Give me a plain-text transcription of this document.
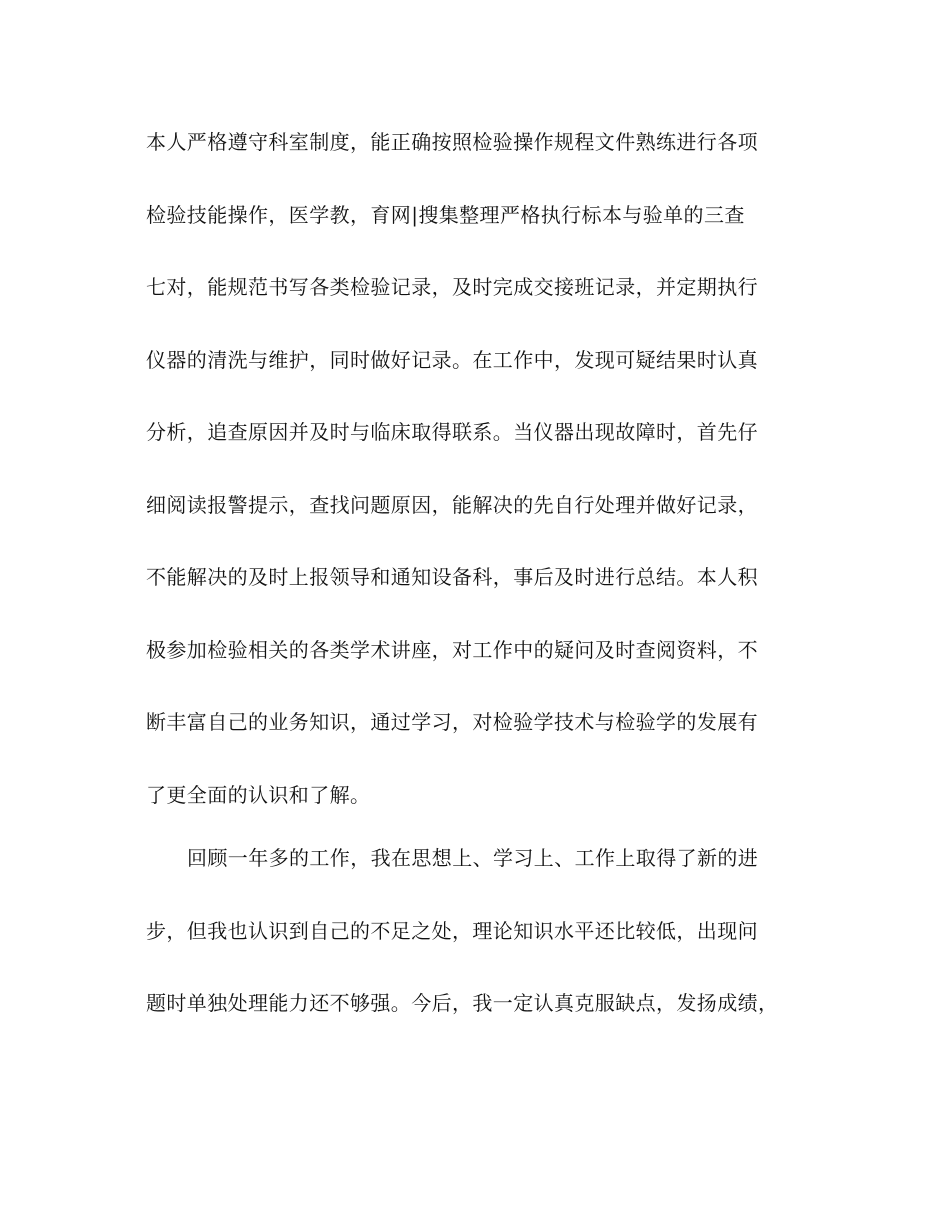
本人严格遵守科室制度，能正确按照检验操作规程文件熟练进行各项
检验技能操作，医学教，育网|搜集整理严格执行标本与验单的三查
七对，能规范书写各类检验记录，及时完成交接班记录，并定期执行
仪器的清洗与维护，同时做好记录。在工作中，发现可疑结果时认真
分析，追查原因并及时与临床取得联系。当仪器出现故障时，首先仔
细阅读报警提示，查找问题原因，能解决的先自行处理并做好记录，
不能解决的及时上报领导和通知设备科，事后及时进行总结。本人积
极参加检验相关的各类学术讲座，对工作中的疑问及时查阅资料，不
断丰富自己的业务知识，通过学习，对检验学技术与检验学的发展有
了更全面的认识和了解。
回顾一年多的工作，我在思想上、学习上、工作上取得了新的进
步，但我也认识到自己的不足之处，理论知识水平还比较低，出现问
题时单独处理能力还不够强。今后，我一定认真克服缺点，发扬成绩，
